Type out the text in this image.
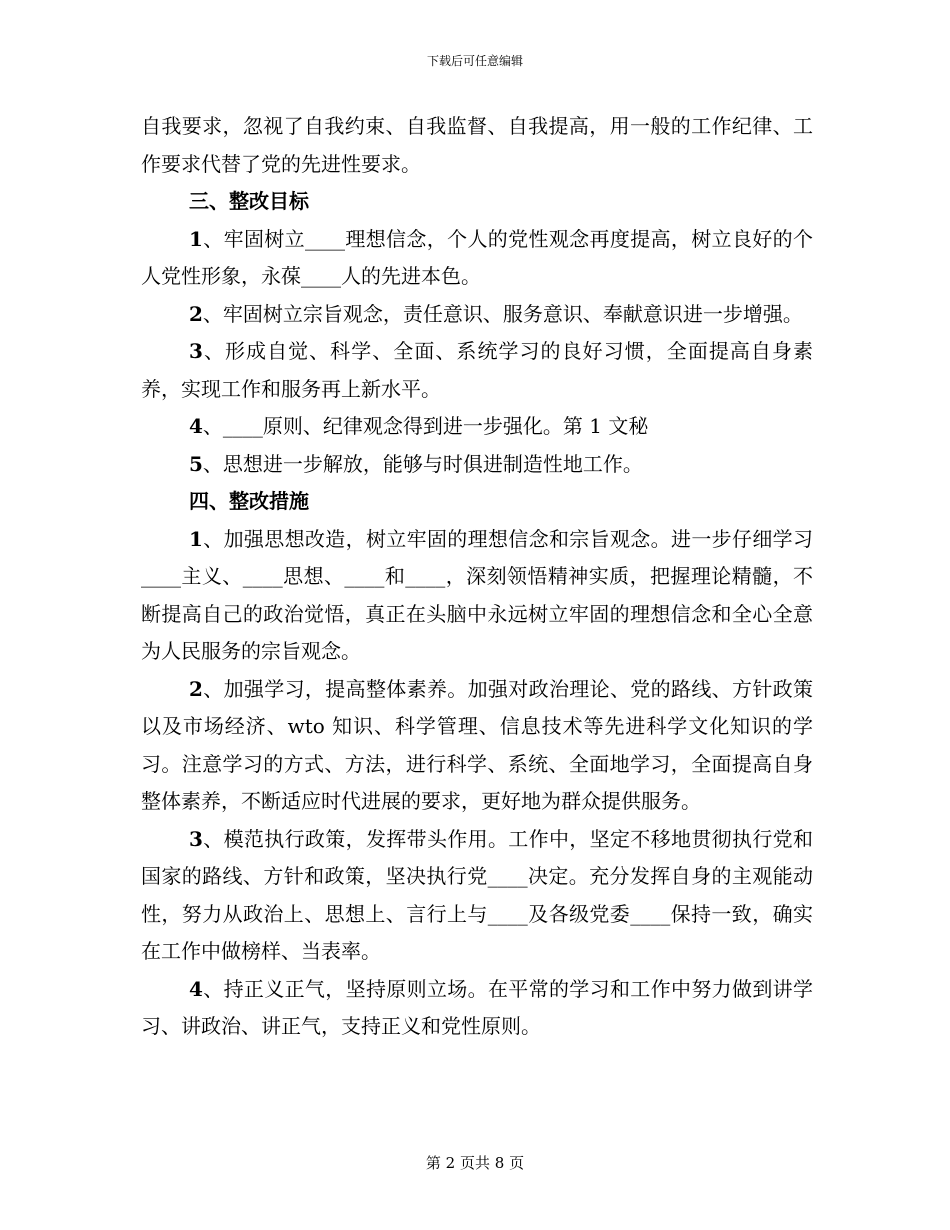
下载后可任意编辑

自我要求，忽视了自我约束、自我监督、自我提高，用一般的工作纪律、工作要求代替了党的先进性要求。

三、整改目标

1、牢固树立____理想信念，个人的党性观念再度提高，树立良好的个人党性形象，永葆____人的先进本色。

2、牢固树立宗旨观念，责任意识、服务意识、奉献意识进一步增强。

3、形成自觉、科学、全面、系统学习的良好习惯，全面提高自身素养，实现工作和服务再上新水平。

4、____原则、纪律观念得到进一步强化。第 1 文秘

5、思想进一步解放，能够与时俱进制造性地工作。

四、整改措施

1、加强思想改造，树立牢固的理想信念和宗旨观念。进一步仔细学习____主义、____思想、____和____，深刻领悟精神实质，把握理论精髓，不断提高自己的政治觉悟，真正在头脑中永远树立牢固的理想信念和全心全意为人民服务的宗旨观念。

2、加强学习，提高整体素养。加强对政治理论、党的路线、方针政策以及市场经济、wto 知识、科学管理、信息技术等先进科学文化知识的学习。注意学习的方式、方法，进行科学、系统、全面地学习，全面提高自身整体素养，不断适应时代进展的要求，更好地为群众提供服务。

3、模范执行政策，发挥带头作用。工作中，坚定不移地贯彻执行党和国家的路线、方针和政策，坚决执行党____决定。充分发挥自身的主观能动性，努力从政治上、思想上、言行上与____及各级党委____保持一致，确实在工作中做榜样、当表率。

4、持正义正气，坚持原则立场。在平常的学习和工作中努力做到讲学习、讲政治、讲正气，支持正义和党性原则。

第 2 页共 8 页
